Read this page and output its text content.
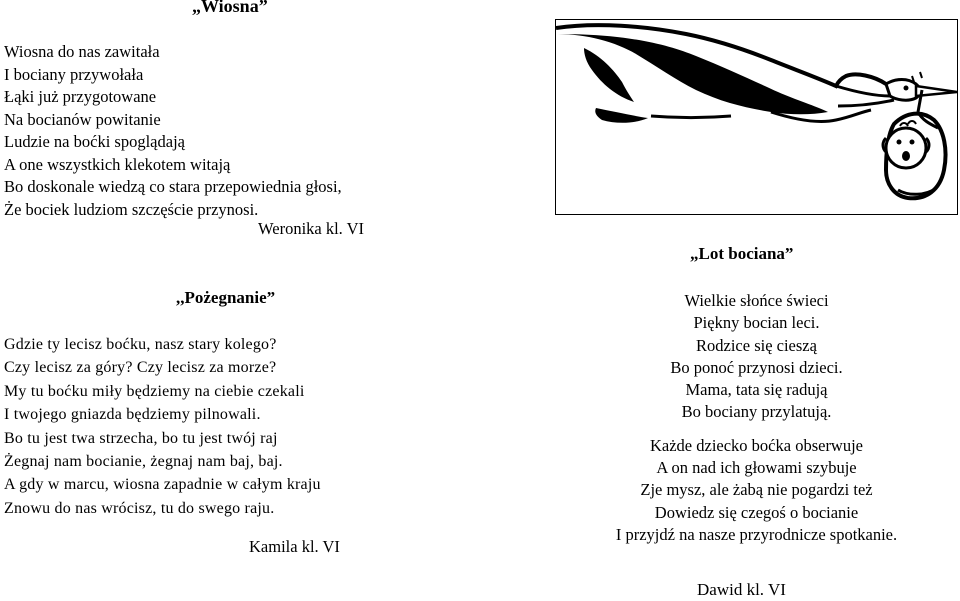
„Wiosna”
Wiosna do nas zawitała
I bociany przywołała
Łąki już przygotowane
Na bocianów powitanie
Ludzie na boćki spoglądają
A one wszystkich klekotem witają
Bo doskonale wiedzą co stara przepowiednia głosi,
Że bociek ludziom szczęście przynosi.
Weronika kl. VI
,,Pożegnanie”
Gdzie ty lecisz boćku, nasz stary kolego?
Czy lecisz za góry? Czy lecisz za morze?
My tu boćku miły będziemy na ciebie czekali
I twojego gniazda będziemy pilnowali.
Bo tu jest twa strzecha, bo tu jest twój raj
Żegnaj nam bocianie, żegnaj nam baj, baj.
A gdy w marcu, wiosna zapadnie w całym kraju
Znowu do nas wrócisz, tu do swego raju.
Kamila kl. VI
„Lot bociana”
Wielkie słońce świeci
Piękny bocian leci.
Rodzice się cieszą
Bo ponoć przynosi dzieci.
Mama, tata się radują
Bo bociany przylatują.
Każde dziecko boćka obserwuje
A on nad ich głowami szybuje
Zje mysz, ale żabą nie pogardzi też
Dowiedz się czegoś o bocianie
I przyjdź na nasze przyrodnicze spotkanie.
Dawid kl. VI
